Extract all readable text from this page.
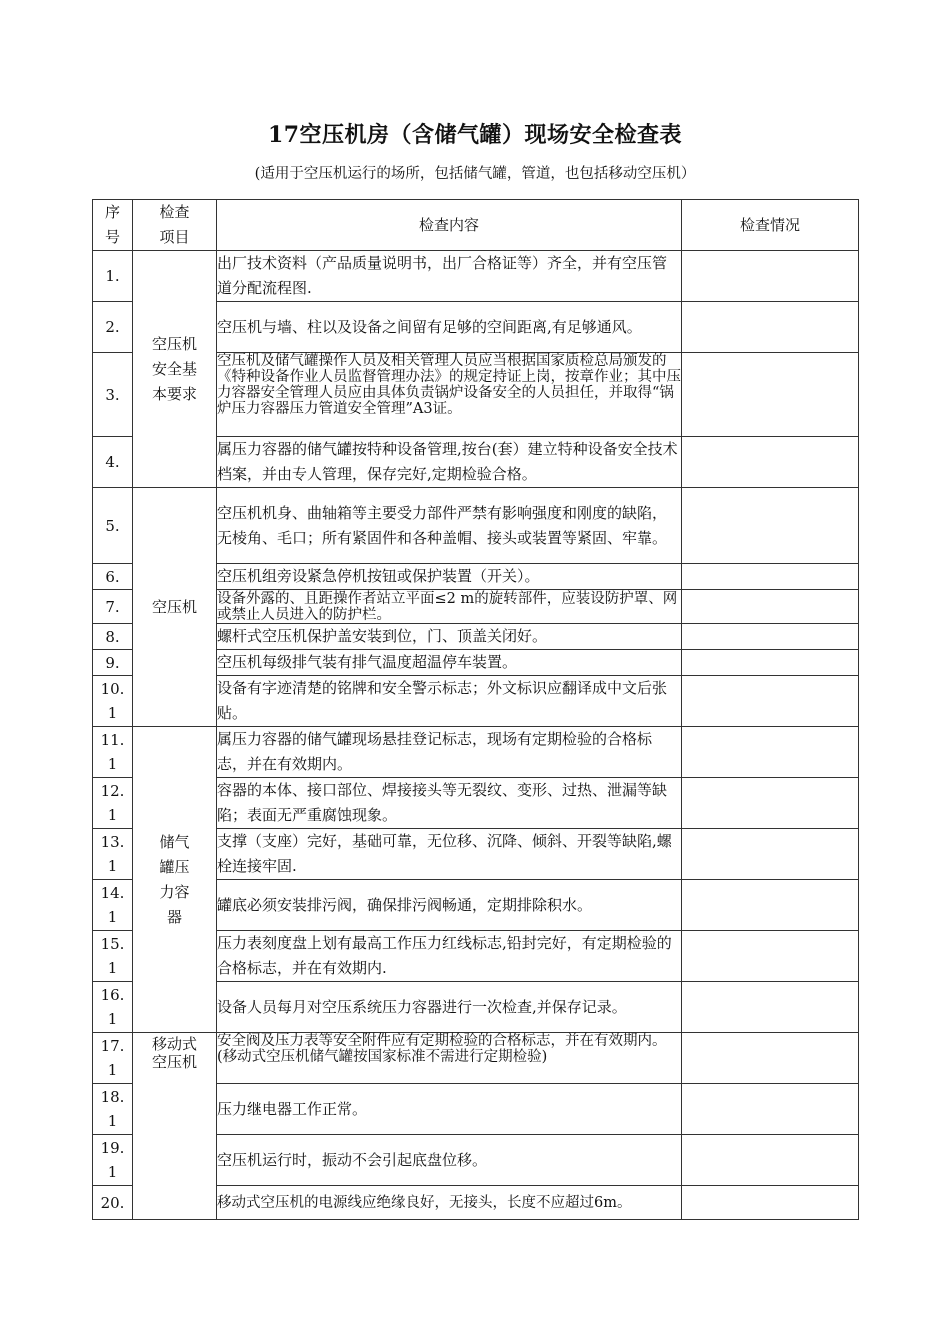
17空压机房（含储气罐）现场安全检查表
(适用于空压机运行的场所，包括储气罐，管道，也包括移动空压机）
序号	检查项目	检查内容	检查情况
1.	空压机安全基本要求	出厂技术资料（产品质量说明书，出厂合格证等）齐全，并有空压管道分配流程图.	
2.		空压机与墙、柱以及设备之间留有足够的空间距离,有足够通风。	
3.		空压机及储气罐操作人员及相关管理人员应当根据国家质检总局颁发的《特种设备作业人员监督管理办法》的规定持证上岗，按章作业；其中压力容器安全管理人员应由具体负责锅炉设备安全的人员担任，并取得“锅炉压力容器压力管道安全管理”A3证。	
4.		属压力容器的储气罐按特种设备管理,按台(套）建立特种设备安全技术档案，并由专人管理，保存完好,定期检验合格。	
5.	空压机	空压机机身、曲轴箱等主要受力部件严禁有影响强度和刚度的缺陷，无棱角、毛口；所有紧固件和各种盖帽、接头或装置等紧固、牢靠。	
6.		空压机组旁设紧急停机按钮或保护装置（开关）。	
7.		设备外露的、且距操作者站立平面≤2 m的旋转部件，应装设防护罩、网或禁止人员进入的防护栏。	
8.		螺杆式空压机保护盖安装到位，门、顶盖关闭好。	
9.		空压机每级排气装有排气温度超温停车装置。	
10.1		设备有字迹清楚的铭牌和安全警示标志；外文标识应翻译成中文后张贴。	
11.1	储气罐压力容器	属压力容器的储气罐现场悬挂登记标志，现场有定期检验的合格标志，并在有效期内。	
12.1		容器的本体、接口部位、焊接接头等无裂纹、变形、过热、泄漏等缺陷；表面无严重腐蚀现象。	
13.1		支撑（支座）完好，基础可靠，无位移、沉降、倾斜、开裂等缺陷,螺栓连接牢固.	
14.1		罐底必须安装排污阀，确保排污阀畅通，定期排除积水。	
15.1		压力表刻度盘上划有最高工作压力红线标志,铅封完好，有定期检验的合格标志，并在有效期内.	
16.1		设备人员每月对空压系统压力容器进行一次检查,并保存记录。	
17.1	移动式空压机	安全阀及压力表等安全附件应有定期检验的合格标志，并在有效期内。(移动式空压机储气罐按国家标准不需进行定期检验)	
18.1		压力继电器工作正常。	
19.1		空压机运行时，振动不会引起底盘位移。	
20.		移动式空压机的电源线应绝缘良好，无接头，长度不应超过6m。	
